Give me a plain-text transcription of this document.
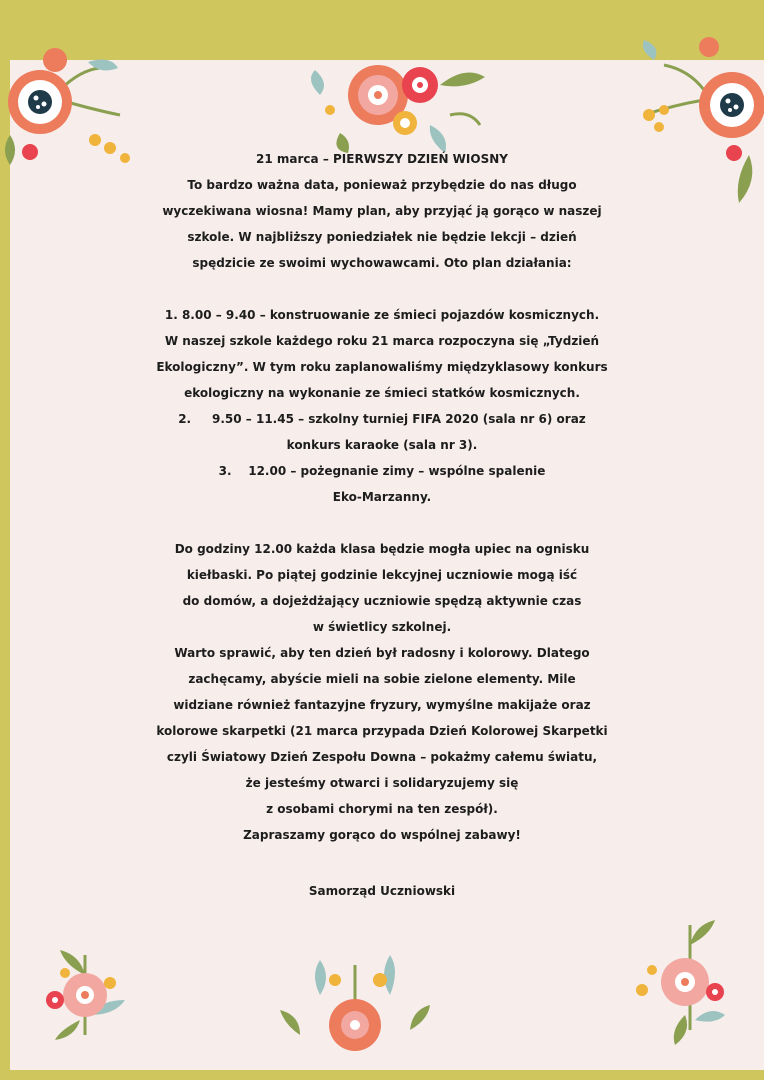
21 marca – PIERWSZY DZIEŃ WIOSNY

To bardzo ważna data, ponieważ przybędzie do nas długo

wyczekiwana wiosna! Mamy plan, aby przyjąć ją gorąco w naszej

szkole. W najbliższy poniedziałek nie będzie lekcji – dzień

spędzicie ze swoimi wychowawcami. Oto plan działania:

1. 8.00 – 9.40 – konstruowanie ze śmieci pojazdów kosmicznych.

W naszej szkole każdego roku 21 marca rozpoczyna się „Tydzień

Ekologiczny”. W tym roku zaplanowaliśmy międzyklasowy konkurs

ekologiczny na wykonanie ze śmieci statków kosmicznych.

2.     9.50 – 11.45 – szkolny turniej FIFA 2020 (sala nr 6) oraz

konkurs karaoke (sala nr 3).

3.    12.00 – pożegnanie zimy – wspólne spalenie

Eko-Marzanny.

Do godziny 12.00 każda klasa będzie mogła upiec na ognisku

kiełbaski. Po piątej godzinie lekcyjnej uczniowie mogą iść

do domów, a dojeżdżający uczniowie spędzą aktywnie czas

w świetlicy szkolnej.

Warto sprawić, aby ten dzień był radosny i kolorowy. Dlatego

zachęcamy, abyście mieli na sobie zielone elementy. Mile

widziane również fantazyjne fryzury, wymyślne makijaże oraz

kolorowe skarpetki (21 marca przypada Dzień Kolorowej Skarpetki

czyli Światowy Dzień Zespołu Downa – pokażmy całemu światu,

że jesteśmy otwarci i solidaryzujemy się

z osobami chorymi na ten zespół).

Zapraszamy gorąco do wspólnej zabawy!

Samorząd Uczniowski
